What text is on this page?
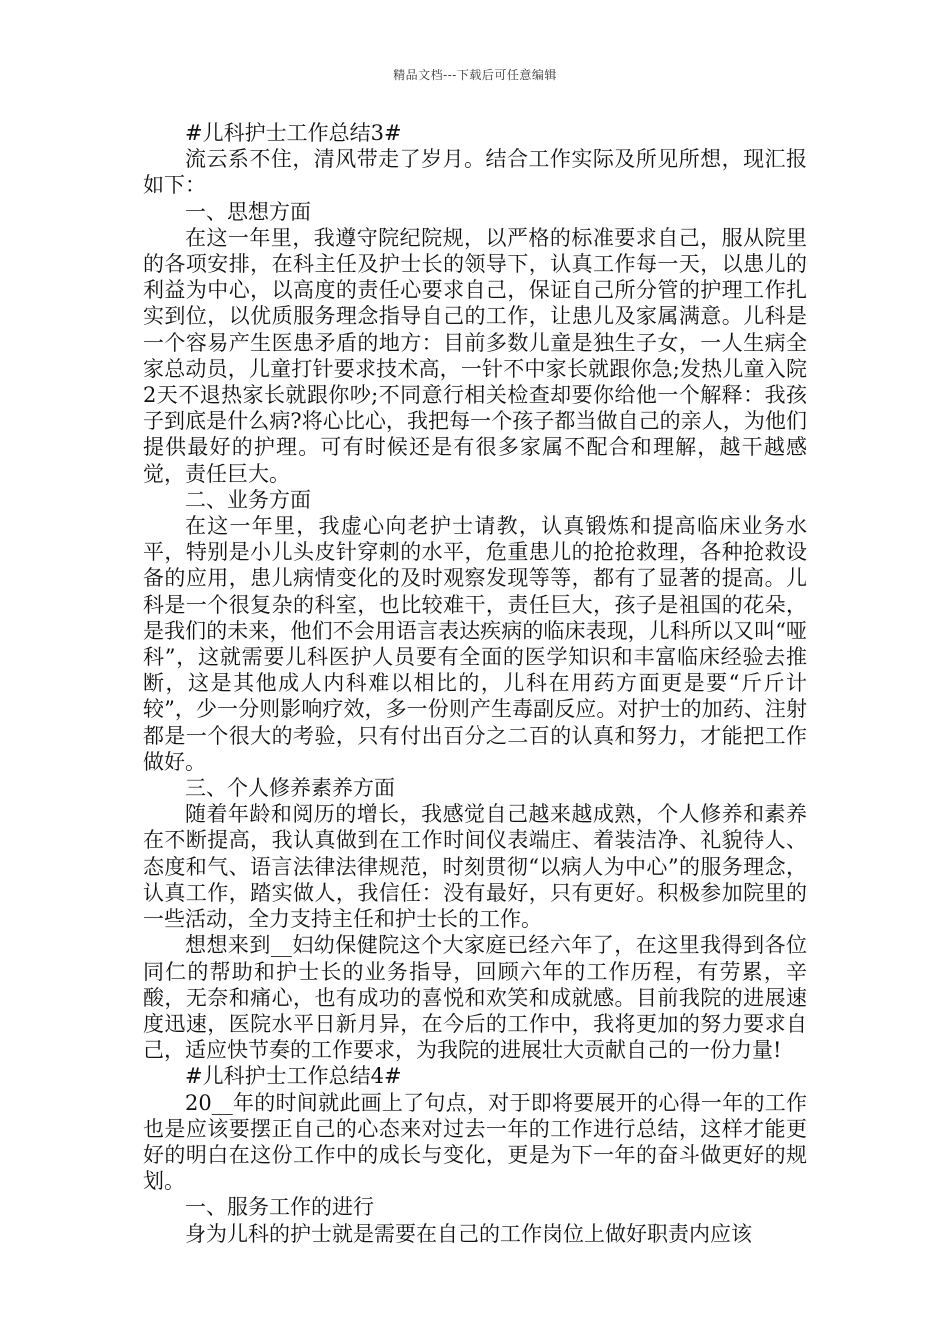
精品文档---下载后可任意编辑

#儿科护士工作总结3#

流云系不住，清风带走了岁月。结合工作实际及所见所想，现汇报如下：

一、思想方面

在这一年里，我遵守院纪院规，以严格的标准要求自己，服从院里的各项安排，在科主任及护士长的领导下，认真工作每一天，以患儿的利益为中心，以高度的责任心要求自己，保证自己所分管的护理工作扎实到位，以优质服务理念指导自己的工作，让患儿及家属满意。儿科是一个容易产生医患矛盾的地方：目前多数儿童是独生子女，一人生病全家总动员，儿童打针要求技术高，一针不中家长就跟你急;发热儿童入院2天不退热家长就跟你吵;不同意行相关检查却要你给他一个解释：我孩子到底是什么病?将心比心，我把每一个孩子都当做自己的亲人，为他们提供最好的护理。可有时候还是有很多家属不配合和理解，越干越感觉，责任巨大。

二、业务方面

在这一年里，我虚心向老护士请教，认真锻炼和提高临床业务水平，特别是小儿头皮针穿刺的水平，危重患儿的抢抢救理，各种抢救设备的应用，患儿病情变化的及时观察发现等等，都有了显著的提高。儿科是一个很复杂的科室，也比较难干，责任巨大，孩子是祖国的花朵，是我们的未来，他们不会用语言表达疾病的临床表现，儿科所以又叫“哑科”，这就需要儿科医护人员要有全面的医学知识和丰富临床经验去推断，这是其他成人内科难以相比的，儿科在用药方面更是要“斤斤计较”，少一分则影响疗效，多一份则产生毒副反应。对护士的加药、注射都是一个很大的考验，只有付出百分之二百的认真和努力，才能把工作做好。

三、个人修养素养方面

随着年龄和阅历的增长，我感觉自己越来越成熟，个人修养和素养在不断提高，我认真做到在工作时间仪表端庄、着装洁净、礼貌待人、态度和气、语言法律法律规范，时刻贯彻“以病人为中心”的服务理念，认真工作，踏实做人，我信任：没有最好，只有更好。积极参加院里的一些活动，全力支持主任和护士长的工作。

想想来到__妇幼保健院这个大家庭已经六年了，在这里我得到各位同仁的帮助和护士长的业务指导，回顾六年的工作历程，有劳累，辛酸，无奈和痛心，也有成功的喜悦和欢笑和成就感。目前我院的进展速度迅速，医院水平日新月异，在今后的工作中，我将更加的努力要求自己，适应快节奏的工作要求，为我院的进展壮大贡献自己的一份力量!

#儿科护士工作总结4#

20__年的时间就此画上了句点，对于即将要展开的心得一年的工作也是应该要摆正自己的心态来对过去一年的工作进行总结，这样才能更好的明白在这份工作中的成长与变化，更是为下一年的奋斗做更好的规划。

一、服务工作的进行

身为儿科的护士就是需要在自己的工作岗位上做好职责内应该
